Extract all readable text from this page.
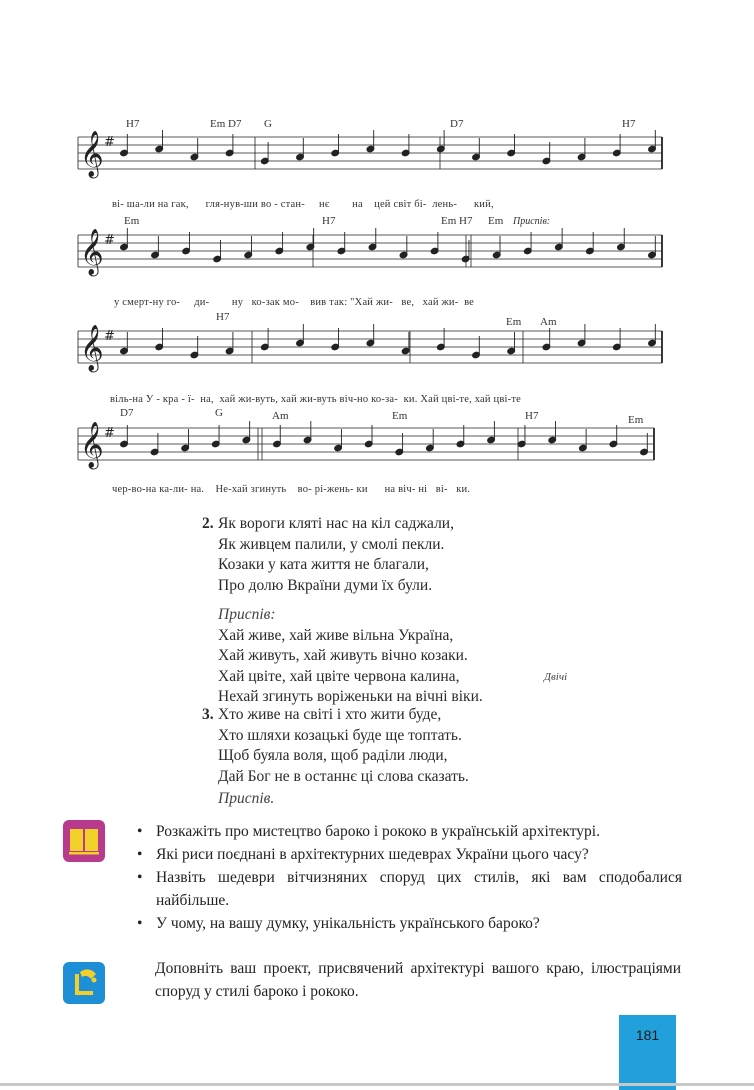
𝄞 #
𝄞 #
𝄞 #
𝄞 #
H7	Em D7 G	D7	H7
Em	H7	Em H7 Em Приспів:
H7	Em Am
D7	G	Am	Em	H7	Em
ві- шa-ли на гак,      гля-нув-ши во - стан-     нє        на    цей світ бі-  лень-      кий,
у смерт-ну го-     ди-        ну   ко-зак мо-    вив так: "Хай жи-   ве,   хай жи-  ве
віль-на У - кра - ї-  на,  хай жи-вуть, хай жи-вуть віч-но ко-за-  ки. Хай цві-те, хай цві-те
чер-во-на ка-ли- на.    Не-хай згинуть    во- рі-жень- ки      на віч- ні   ві-   ки.
2. Як вороги кляті нас на кіл саджали,
Як живцем палили, у смолі пекли.
Козаки у ката життя не благали,
Про долю Вкраїни думи їх були.
Приспів:
Хай живе, хай живе вільна Україна,
Хай живуть, хай живуть вічно козаки.
Хай цвіте, хай цвіте червона калина,
Нехай згинуть воріженьки на вічні віки.
Двічі
3. Хто живе на світі і хто жити буде,
Хто шляхи козацькі буде ще топтать.
Щоб буяла воля, щоб раділи люди,
Дай Бог не в останнє ці слова сказать.
Приспів.
• Розкажіть про мистецтво бароко і рококо в українській архітектурі.
• Які риси поєднані в архітектурних шедеврах України цього часу?
• Назвіть шедеври вітчизняних споруд цих стилів, які вам сподобалися найбільше.
• У чому, на вашу думку, унікальність українського бароко?
Доповніть ваш проект, присвячений архітектурі вашого краю, ілюстраціями споруд у стилі бароко і рококо.
181
